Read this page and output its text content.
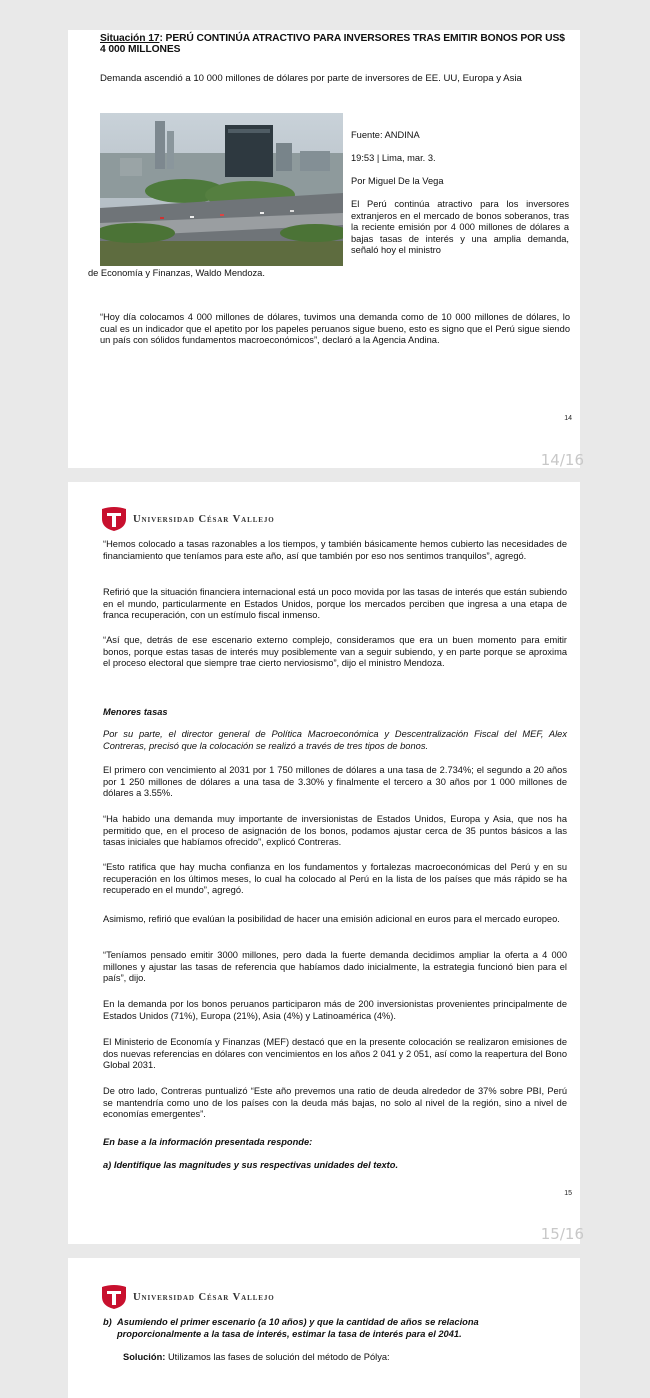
Situación 17: PERÚ CONTINÚA ATRACTIVO PARA INVERSORES TRAS EMITIR BONOS POR US$ 4 000 MILLONES

Demanda ascendió a 10 000 millones de dólares por parte de inversores de EE. UU, Europa y Asia

Fuente: ANDINA

19:53 | Lima, mar. 3.

Por Miguel De la Vega

El Perú continúa atractivo para los inversores extranjeros en el mercado de bonos soberanos, tras la reciente emisión por 4 000 millones de dólares a bajas tasas de interés y una amplia demanda, señaló hoy el ministro

de Economía y Finanzas, Waldo Mendoza.

“Hoy día colocamos 4 000 millones de dólares, tuvimos una demanda como de 10 000 millones de dólares, lo cual es un indicador que el apetito por los papeles peruanos sigue bueno, esto es signo que el Perú sigue siendo un país con sólidos fundamentos macroeconómicos”, declaró a la Agencia Andina.

14
14/16
Universidad César Vallejo

“Hemos colocado a tasas razonables a los tiempos, y también básicamente hemos cubierto las necesidades de financiamiento que teníamos para este año, así que también por eso nos sentimos tranquilos”, agregó.

Refirió que la situación financiera internacional está un poco movida por las tasas de interés que están subiendo en el mundo, particularmente en Estados Unidos, porque los mercados perciben que ingresa a una etapa de franca recuperación, con un estímulo fiscal inmenso.

“Así que, detrás de ese escenario externo complejo, consideramos que era un buen momento para emitir bonos, porque estas tasas de interés muy posiblemente van a seguir subiendo, y en parte porque se aproxima el proceso electoral que siempre trae cierto nerviosismo”, dijo el ministro Mendoza.

Menores tasas

Por su parte, el director general de Política Macroeconómica y Descentralización Fiscal del MEF, Alex Contreras, precisó que la colocación se realizó a través de tres tipos de bonos.

El primero con vencimiento al 2031 por 1 750 millones de dólares a una tasa de 2.734%; el segundo a 20 años por 1 250 millones de dólares a una tasa de 3.30% y finalmente el tercero a 30 años por 1 000 millones de dólares a 3.55%.

“Ha habido una demanda muy importante de inversionistas de Estados Unidos, Europa y Asia, que nos ha permitido que, en el proceso de asignación de los bonos, podamos ajustar cerca de 35 puntos básicos a las tasas iniciales que habíamos ofrecido”, explicó Contreras.

“Esto ratifica que hay mucha confianza en los fundamentos y fortalezas macroeconómicas del Perú y en su recuperación en los últimos meses, lo cual ha colocado al Perú en la lista de los países que más rápido se ha recuperado en el mundo”, agregó.

Asimismo, refirió que evalúan la posibilidad de hacer una emisión adicional en euros para el mercado europeo.

“Teníamos pensado emitir 3000 millones, pero dada la fuerte demanda decidimos ampliar la oferta a 4 000 millones y ajustar las tasas de referencia que habíamos dado inicialmente, la estrategia funcionó bien para el país”, dijo.

En la demanda por los bonos peruanos participaron más de 200 inversionistas provenientes principalmente de Estados Unidos (71%), Europa (21%), Asia (4%) y Latinoamérica (4%).

El Ministerio de Economía y Finanzas (MEF) destacó que en la presente colocación se realizaron emisiones de dos nuevas referencias en dólares con vencimientos en los años 2 041 y 2 051, así como la reapertura del Bono Global 2031.

De otro lado, Contreras puntualizó “Este año prevemos una ratio de deuda alrededor de 37% sobre PBI, Perú se mantendría como uno de los países con la deuda más bajas, no solo al nivel de la región, sino a nivel de economías emergentes”.

En base a la información presentada responde:

a) Identifique las magnitudes y sus respectivas unidades del texto.

15
15/16
Universidad César Vallejo
b) Asumiendo el primer escenario (a 10 años) y que la cantidad de años se relaciona proporcionalmente a la tasa de interés, estimar la tasa de interés para el 2041.

Solución: Utilizamos las fases de solución del método de Pólya:
